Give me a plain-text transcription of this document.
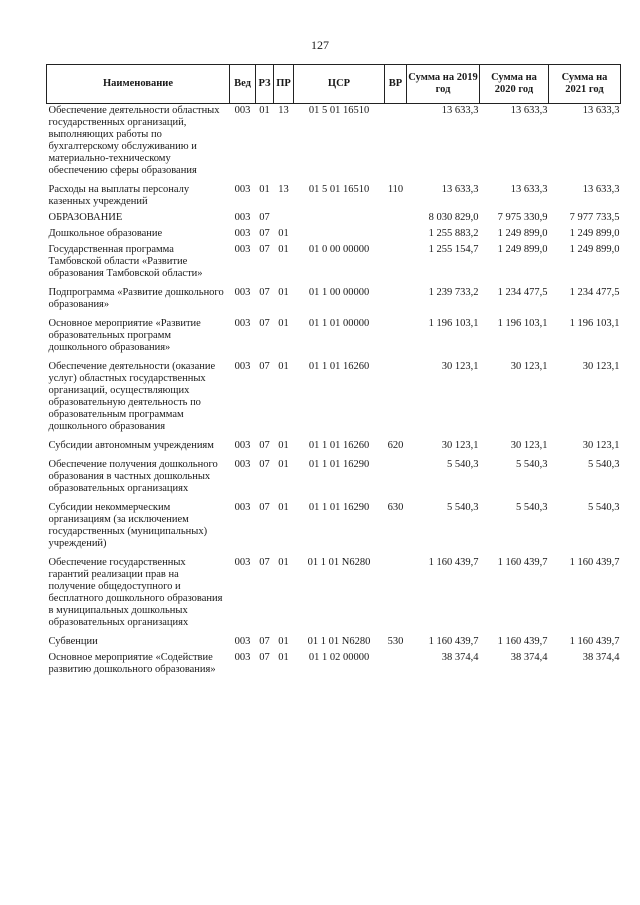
127
Наименование	Вед	РЗ	ПР	ЦСР	ВР	Сумма на 2019 год	Сумма на 2020 год	Сумма на 2021 год
Обеспечение деятельности областных государственных организаций, выполняющих работы по бухгалтерскому обслуживанию и материально-техническому обеспечению сферы образования	003	01	13	01 5 01 16510		13 633,3	13 633,3	13 633,3
Расходы на выплаты персоналу казенных учреждений	003	01	13	01 5 01 16510	110	13 633,3	13 633,3	13 633,3
ОБРАЗОВАНИЕ	003	07				8 030 829,0	7 975 330,9	7 977 733,5
Дошкольное образование	003	07	01			1 255 883,2	1 249 899,0	1 249 899,0
Государственная программа Тамбовской области «Развитие образования Тамбовской области»	003	07	01	01 0 00 00000		1 255 154,7	1 249 899,0	1 249 899,0
Подпрограмма «Развитие дошкольного образования»	003	07	01	01 1 00 00000		1 239 733,2	1 234 477,5	1 234 477,5
Основное мероприятие «Развитие образовательных программ дошкольного образования»	003	07	01	01 1 01 00000		1 196 103,1	1 196 103,1	1 196 103,1
Обеспечение деятельности (оказание услуг) областных государственных организаций, осуществляющих образовательную деятельность по образовательным программам дошкольного образования	003	07	01	01 1 01 16260		30 123,1	30 123,1	30 123,1
Субсидии автономным учреждениям	003	07	01	01 1 01 16260	620	30 123,1	30 123,1	30 123,1
Обеспечение получения дошкольного образования в частных дошкольных образовательных организациях	003	07	01	01 1 01 16290		5 540,3	5 540,3	5 540,3
Субсидии некоммерческим организациям (за исключением государственных (муниципальных) учреждений)	003	07	01	01 1 01 16290	630	5 540,3	5 540,3	5 540,3
Обеспечение государственных гарантий реализации прав на получение общедоступного и бесплатного дошкольного образования в муниципальных дошкольных образовательных организациях	003	07	01	01 1 01 N6280		1 160 439,7	1 160 439,7	1 160 439,7
Субвенции	003	07	01	01 1 01 N6280	530	1 160 439,7	1 160 439,7	1 160 439,7
Основное мероприятие «Содействие развитию дошкольного образования»	003	07	01	01 1 02 00000		38 374,4	38 374,4	38 374,4
